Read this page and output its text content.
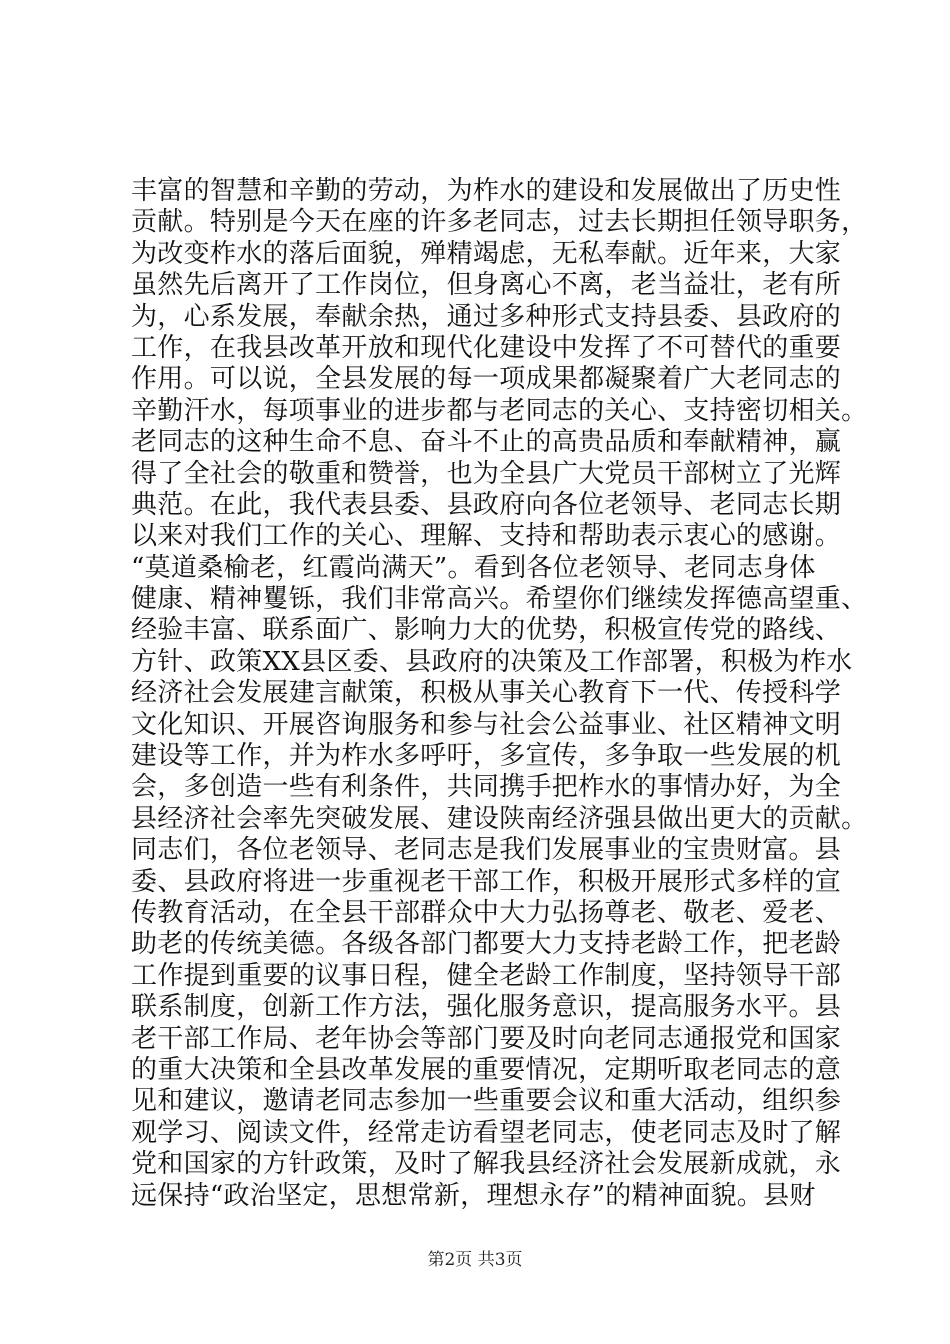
丰富的智慧和辛勤的劳动，为柞水的建设和发展做出了历史性
贡献。特别是今天在座的许多老同志，过去长期担任领导职务，
为改变柞水的落后面貌，殚精竭虑，无私奉献。近年来，大家
虽然先后离开了工作岗位，但身离心不离，老当益壮，老有所
为，心系发展，奉献余热，通过多种形式支持县委、县政府的
工作，在我县改革开放和现代化建设中发挥了不可替代的重要
作用。可以说，全县发展的每一项成果都凝聚着广大老同志的
辛勤汗水，每项事业的进步都与老同志的关心、支持密切相关。
老同志的这种生命不息、奋斗不止的高贵品质和奉献精神，赢
得了全社会的敬重和赞誉，也为全县广大党员干部树立了光辉
典范。在此，我代表县委、县政府向各位老领导、老同志长期
以来对我们工作的关心、理解、支持和帮助表示衷心的感谢。
“莫道桑榆老，红霞尚满天”。看到各位老领导、老同志身体
健康、精神矍铄，我们非常高兴。希望你们继续发挥德高望重、
经验丰富、联系面广、影响力大的优势，积极宣传党的路线、
方针、政策XX县区委、县政府的决策及工作部署，积极为柞水
经济社会发展建言献策，积极从事关心教育下一代、传授科学
文化知识、开展咨询服务和参与社会公益事业、社区精神文明
建设等工作，并为柞水多呼吁，多宣传，多争取一些发展的机
会，多创造一些有利条件，共同携手把柞水的事情办好，为全
县经济社会率先突破发展、建设陕南经济强县做出更大的贡献。
同志们，各位老领导、老同志是我们发展事业的宝贵财富。县
委、县政府将进一步重视老干部工作，积极开展形式多样的宣
传教育活动，在全县干部群众中大力弘扬尊老、敬老、爱老、
助老的传统美德。各级各部门都要大力支持老龄工作，把老龄
工作提到重要的议事日程，健全老龄工作制度，坚持领导干部
联系制度，创新工作方法，强化服务意识，提高服务水平。县
老干部工作局、老年协会等部门要及时向老同志通报党和国家
的重大决策和全县改革发展的重要情况，定期听取老同志的意
见和建议，邀请老同志参加一些重要会议和重大活动，组织参
观学习、阅读文件，经常走访看望老同志，使老同志及时了解
党和国家的方针政策，及时了解我县经济社会发展新成就，永
远保持“政治坚定，思想常新，理想永存”的精神面貌。县财
第2页 共3页
